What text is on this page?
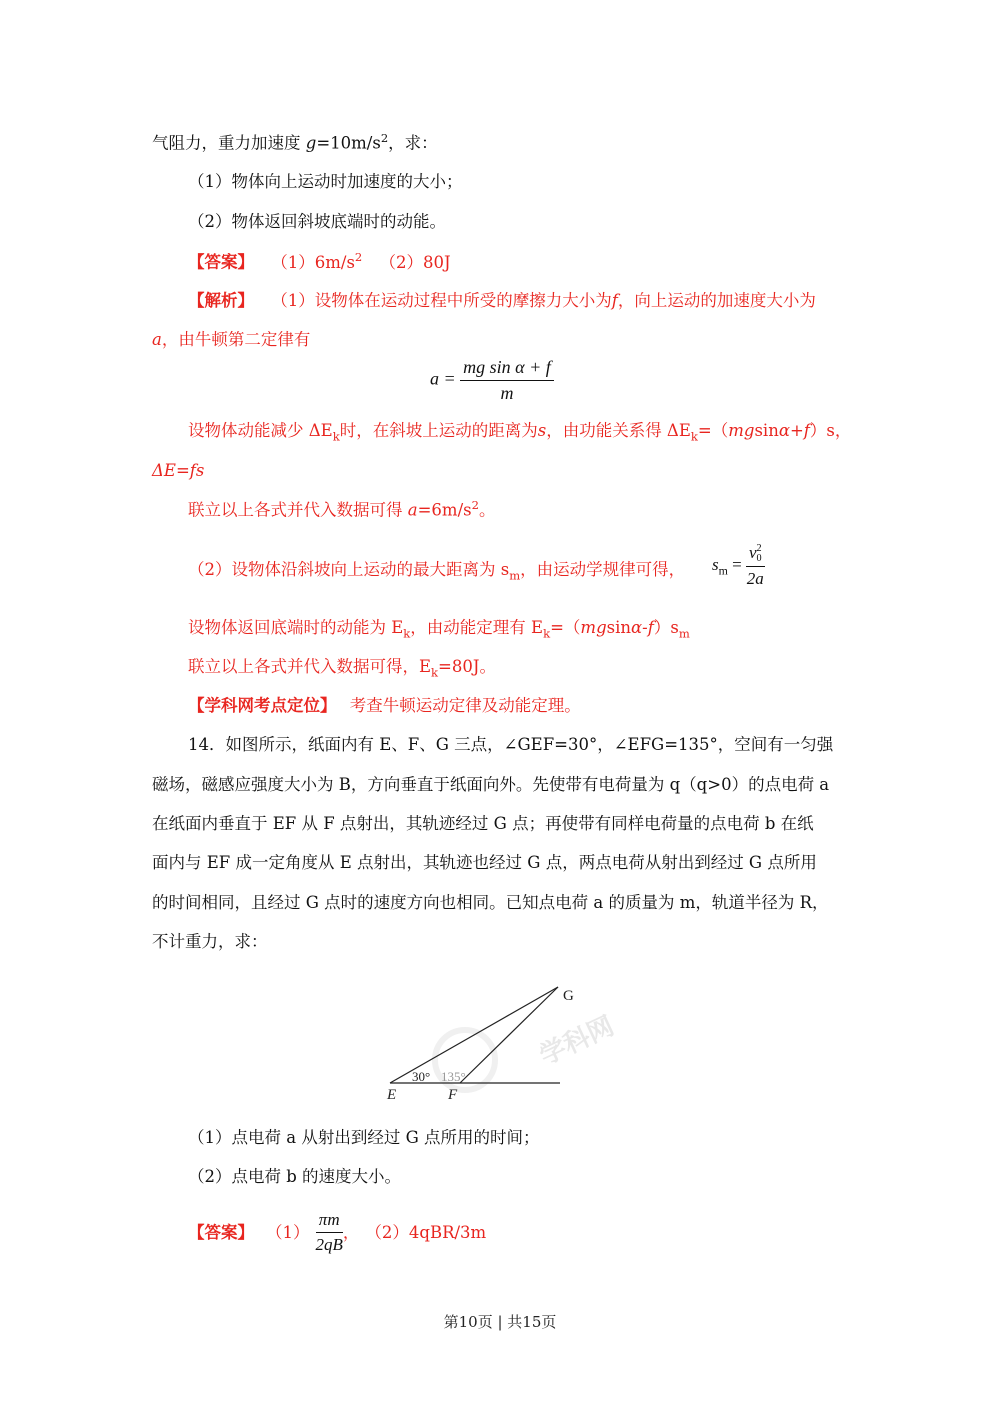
气阻力，重力加速度 $g=10m/s^2$，求：
（1）物体向上运动时加速度的大小；
（2）物体返回斜坡底端时的动能。
【答案】 $(1)6m/s^2$ （2）80J
【解析】 （1）设物体在运动过程中所受的摩擦力大小为f，向上运动的加速度大小为
a，由牛顿第二定律有
$a = \frac{\text{mg sin α + f}}{m}$
设物体动能减少 $\Delta E_k$时，在斜坡上运动的距离为s，由功能关系得 $\Delta E_k=(mgsin\alpha+f)s$，
ΔE=fs
联立以上各式并代入数据可得 $a=6m/s^2$。
（2）设物体沿斜坡向上运动的最大距离为 $s_m$，由运动学规律可得， $s_m = v$ 2
0
2a
设物体返回底端时的动能为 $E_k$，由动能定理有 $E_k=(mgsin\alpha-f)s_m$
联立以上各式并代入数据可得，$E_k=80J$。
【学科网考点定位】 考查牛顿运动定律及动能定理。
14．如图所示，纸面内有 E、F、G 三点，∠GEF=30°，∠EFG=135°，空间有一匀强
磁场，磁感应强度大小为 B，方向垂直于纸面向外。先使带有电荷量为 q（q>0）的点电荷 a
在纸面内垂直于 EF 从 F 点射出，其轨迹经过 G 点；再使带有同样电荷量的点电荷 b 在纸
面内与 EF 成一定角度从 E 点射出，其轨迹也经过 G 点，两点电荷从射出到经过 G 点所用
的时间相同，且经过 G 点时的速度方向也相同。已知点电荷 a 的质量为 m，轨道半径为 R，
不计重力，求：
学科网
G
E	F
30° 135°
（1）点电荷 a 从射出到经过 G 点所用的时间；
（2）点电荷 b 的速度大小。
【答案】 $(1) \frac{\pi m}{2qB}$ ， （2）4qBR/3m
第10页 | 共15页
